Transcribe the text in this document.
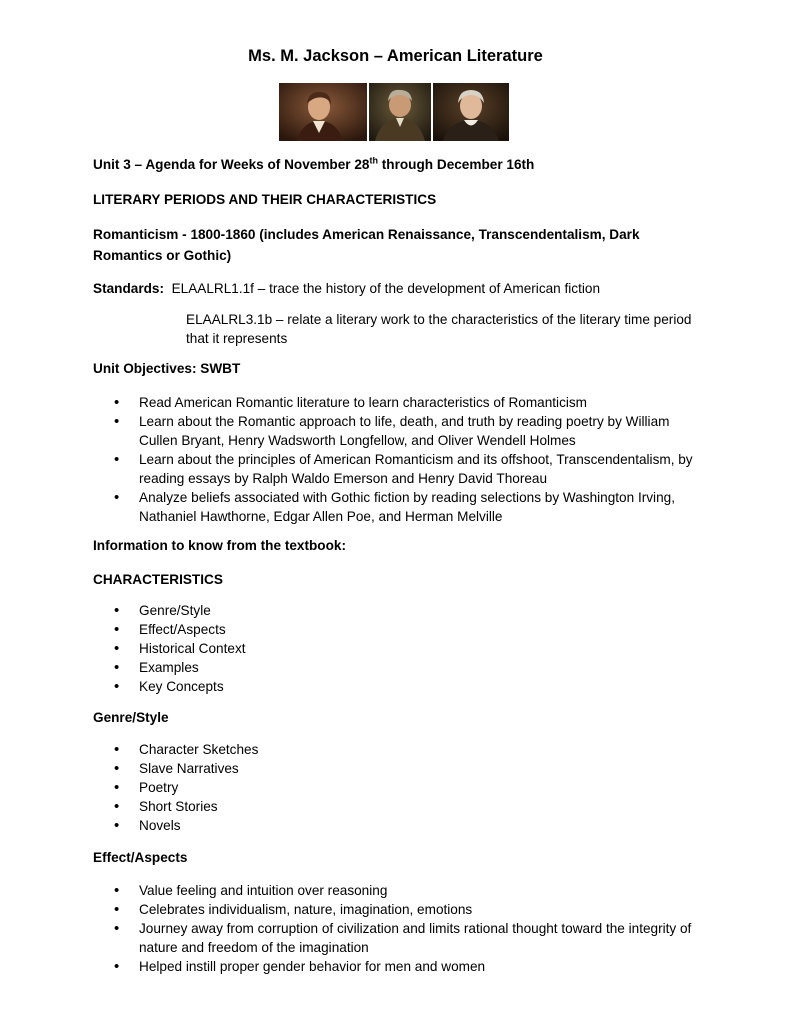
Ms. M. Jackson – American Literature
Unit 3 – Agenda for Weeks of November 28th through December 16th
LITERARY PERIODS AND THEIR CHARACTERISTICS
Romanticism - 1800-1860 (includes American Renaissance, Transcendentalism, Dark Romantics or Gothic)
Standards: ELAALRL1.1f – trace the history of the development of American fiction
ELAALRL3.1b – relate a literary work to the characteristics of the literary time period that it represents
Unit Objectives: SWBT
• Read American Romantic literature to learn characteristics of Romanticism
• Learn about the Romantic approach to life, death, and truth by reading poetry by William Cullen Bryant, Henry Wadsworth Longfellow, and Oliver Wendell Holmes
• Learn about the principles of American Romanticism and its offshoot, Transcendentalism, by reading essays by Ralph Waldo Emerson and Henry David Thoreau
• Analyze beliefs associated with Gothic fiction by reading selections by Washington Irving, Nathaniel Hawthorne, Edgar Allen Poe, and Herman Melville
Information to know from the textbook:
CHARACTERISTICS
• Genre/Style
• Effect/Aspects
• Historical Context
• Examples
• Key Concepts
Genre/Style
• Character Sketches
• Slave Narratives
• Poetry
• Short Stories
• Novels
Effect/Aspects
• Value feeling and intuition over reasoning
• Celebrates individualism, nature, imagination, emotions
• Journey away from corruption of civilization and limits rational thought toward the integrity of nature and freedom of the imagination
• Helped instill proper gender behavior for men and women
